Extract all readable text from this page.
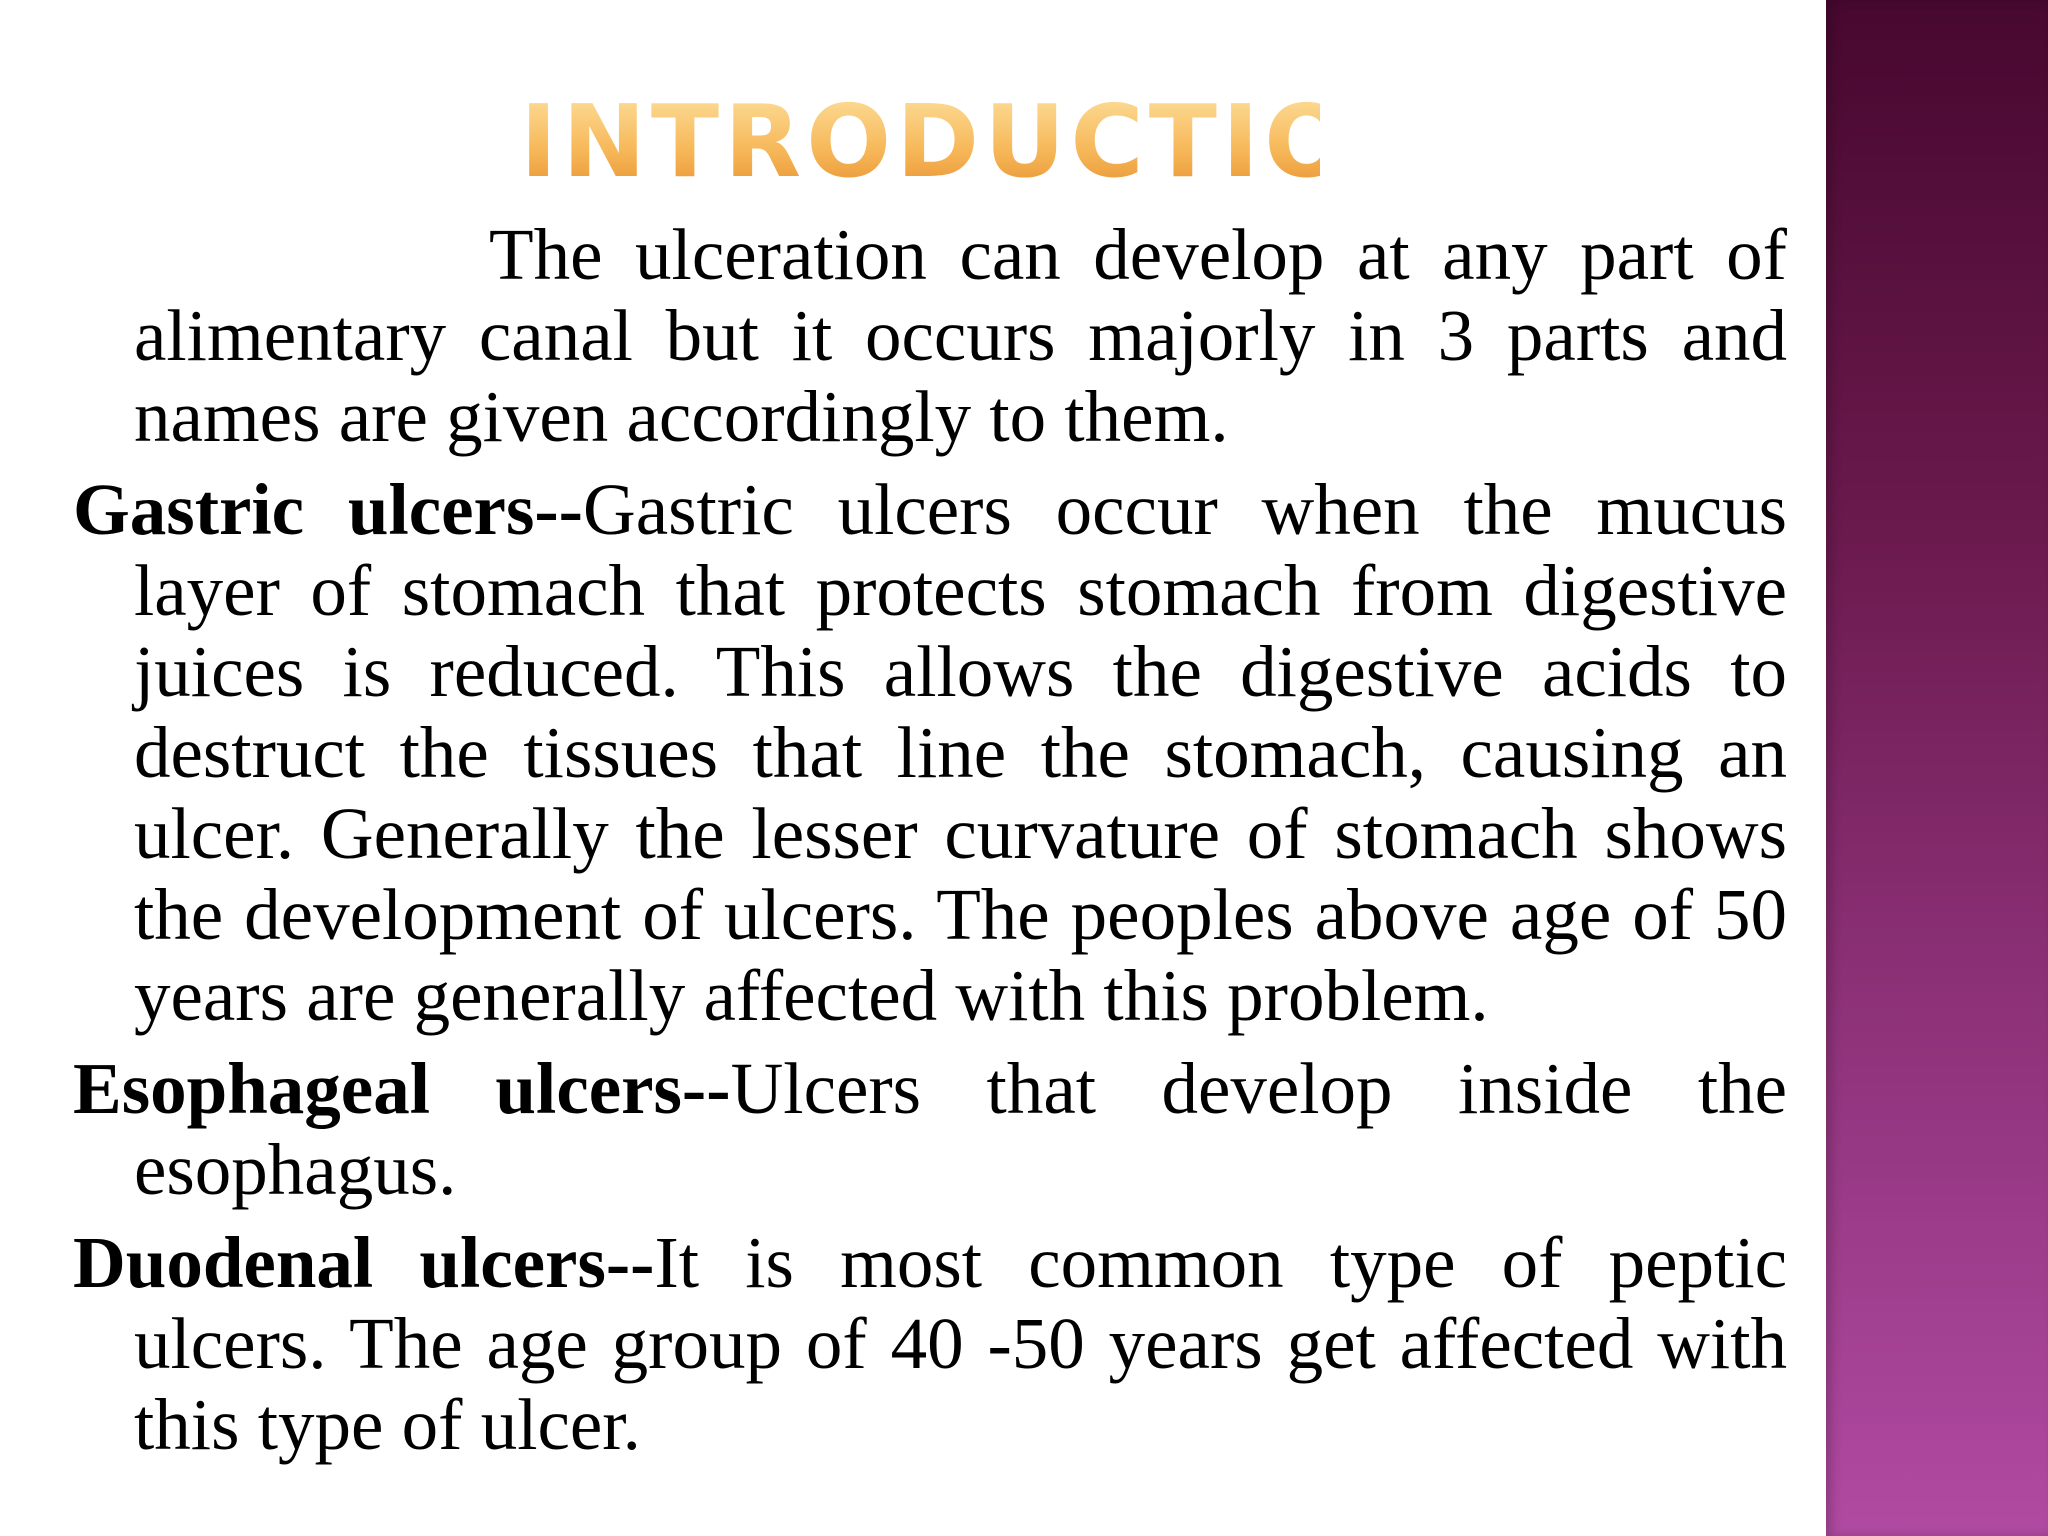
INTRODUCTION

The ulceration can develop at any part of alimentary canal but it occurs majorly in 3 parts and names are given accordingly to them.

Gastric ulcers--Gastric ulcers occur when the mucus layer of stomach that protects stomach from digestive juices is reduced. This allows the digestive acids to destruct the tissues that line the stomach, causing an ulcer. Generally the lesser curvature of stomach shows the development of ulcers. The peoples above age of 50 years are generally affected with this problem.

Esophageal ulcers--Ulcers that develop inside the esophagus.

Duodenal ulcers--It is most common type of peptic ulcers. The age group of 40 -50 years get affected with this type of ulcer.
